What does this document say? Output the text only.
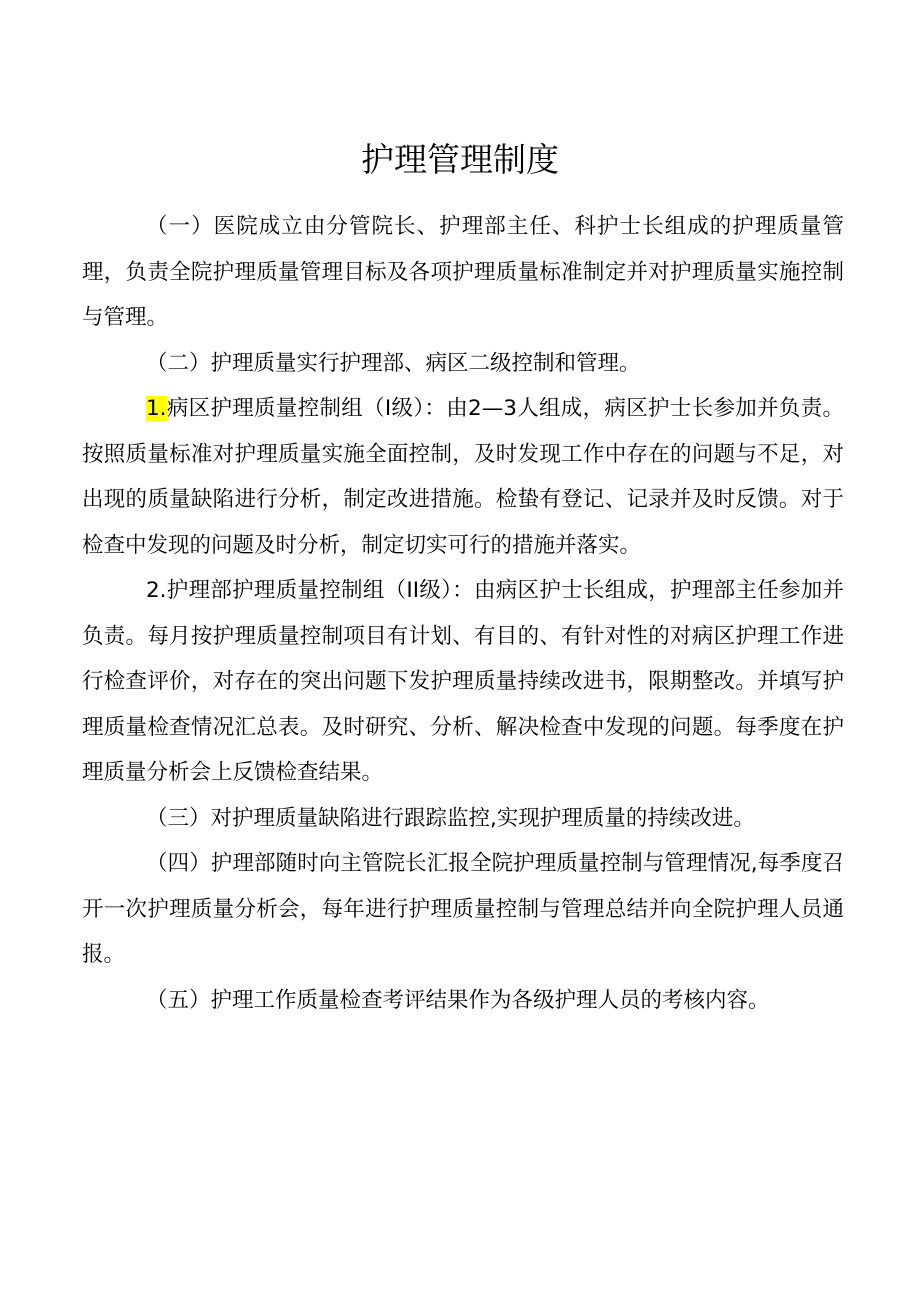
护理管理制度

（一）医院成立由分管院长、护理部主任、科护士长组成的护理质量管理，负责全院护理质量管理目标及各项护理质量标准制定并对护理质量实施控制与管理。

（二）护理质量实行护理部、病区二级控制和管理。

1.病区护理质量控制组（I级）：由2—3人组成，病区护士长参加并负责。按照质量标准对护理质量实施全面控制，及时发现工作中存在的问题与不足，对出现的质量缺陷进行分析，制定改进措施。检蛰有登记、记录并及时反馈。对于检查中发现的问题及时分析，制定切实可行的措施并落实。

2.护理部护理质量控制组（II级）：由病区护士长组成，护理部主任参加并负责。每月按护理质量控制项目有计划、有目的、有针对性的对病区护理工作进行检查评价，对存在的突出问题下发护理质量持续改进书，限期整改。并填写护理质量检查情况汇总表。及时研究、分析、解决检查中发现的问题。每季度在护理质量分析会上反馈检查结果。

（三）对护理质量缺陷进行跟踪监控,实现护理质量的持续改进。

（四）护理部随时向主管院长汇报全院护理质量控制与管理情况,每季度召开一次护理质量分析会，每年进行护理质量控制与管理总结并向全院护理人员通报。

（五）护理工作质量检查考评结果作为各级护理人员的考核内容。
